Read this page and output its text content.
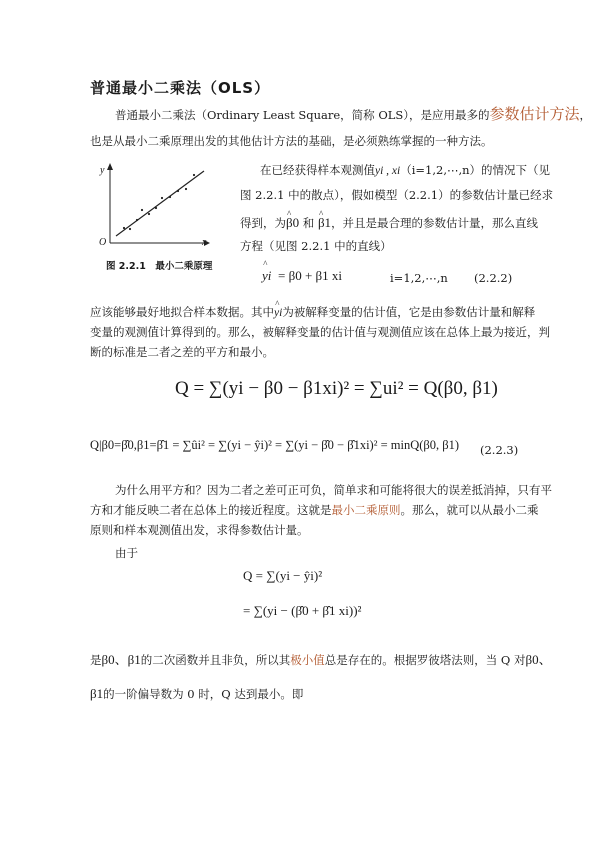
普通最小二乘法（OLS）
普通最小二乘法（Ordinary Least Square，简称 OLS），是应用最多的参数估计方法，
也是从最小二乘原理出发的其他估计方法的基础，是必须熟练掌握的一种方法。
y
x
O
图 2.2.1　最小二乘原理
在已经获得样本观测值yi , xi（i=1,2,⋯,n）的情况下（见
图 2.2.1 中的散点），假如模型（2.2.1）的参数估计量已经求
得到，为^ β0 和 ^ β1，并且是最合理的参数估计量，那么直线
方程（见图 2.2.1 中的直线）
^ yi = β0 + β1 xi	i=1,2,⋯,n (2.2.2)
应该能够最好地拟合样本数据。其中^ yi为被解释变量的估计值，它是由参数估计量和解释
变量的观测值计算得到的。那么，被解释变量的估计值与观测值应该在总体上最为接近，判
断的标准是二者之差的平方和最小。
Q = ∑(yi − β0 − β1xi)² = ∑ui² = Q(β0, β1)
Q|β0=β̂0,β1=β̂1 = ∑ûi² = ∑(yi − ŷi)² = ∑(yi − β̂0 − β̂1xi)² = minQ(β0, β1) (2.2.3)
为什么用平方和？因为二者之差可正可负，简单求和可能将很大的误差抵消掉，只有平
方和才能反映二者在总体上的接近程度。这就是最小二乘原则。那么，就可以从最小二乘
原则和样本观测值出发，求得参数估计量。
由于
Q = ∑(yi − ŷi)²
= ∑(yi − (β̂0 + β̂1 xi))²
是β0、β1的二次函数并且非负，所以其极小值总是存在的。根据罗彼塔法则，当 Q 对β0、
β1的一阶偏导数为 0 时，Q 达到最小。即
